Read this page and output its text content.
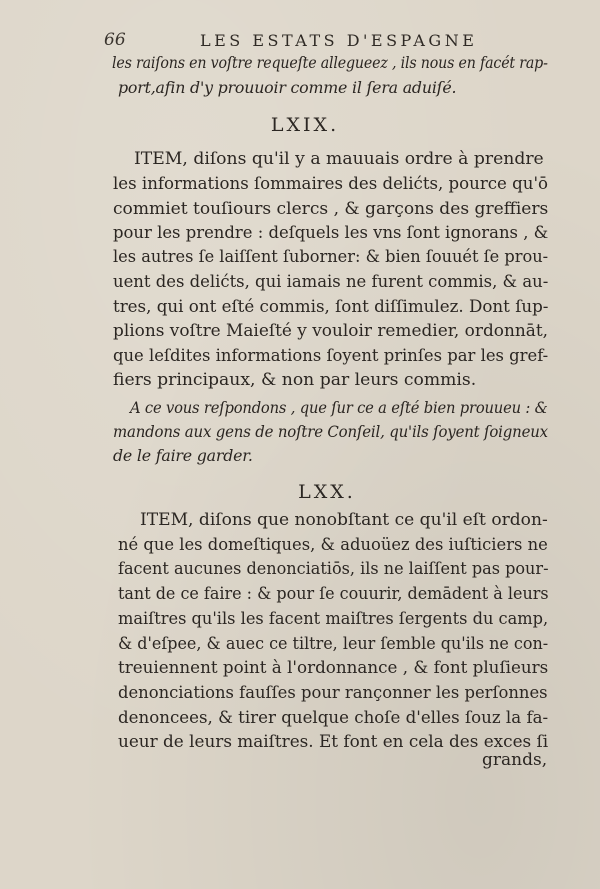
66	LES ESTATS D'ESPAGNE
les raiſons en voſtre requeſte allegueez , ils nous en facét rap-
port,afin d'y prouuoir comme il ſera aduiſé.
LXIX.
ITEM, diſons qu'il y a mauuais ordre à prendre
les informations ſommaires des delićts, pource qu'ō
commiet touſiours clercs , & garçons des greffiers
pour les prendre : deſquels les vns ſont ignorans , &
les autres ſe laiſſent ſuborner: & bien ſouuét ſe prou-
uent des delićts, qui iamais ne furent commis, & au-
tres, qui ont eſté commis, ſont diſſimulez. Dont ſup-
plions voſtre Maieſté y vouloir remedier, ordonnāt,
que leſdites informations ſoyent prinſes par les gref-
fiers principaux, & non par leurs commis.
A ce vous reſpondons , que ſur ce a eſté bien prouueu : &
mandons aux gens de noſtre Conſeil, qu'ils ſoyent ſoigneux
de le faire garder.
LXX.
ITEM, diſons que nonobſtant ce qu'il eſt ordon-
né que les domeſtiques, & aduoüez des iuſticiers ne
facent aucunes denonciatiōs, ils ne laiſſent pas pour-
tant de ce faire : & pour ſe couurir, demādent à leurs
maiſtres qu'ils les facent maiſtres ſergents du camp,
& d'eſpee, & auec ce tiltre, leur ſemble qu'ils ne con-
treuiennent point à l'ordonnance , & font pluſieurs
denonciations fauſſes pour rançonner les perſonnes
denoncees, & tirer quelque choſe d'elles ſouz la fa-
ueur de leurs maiſtres. Et font en cela des exces ſi
grands,
